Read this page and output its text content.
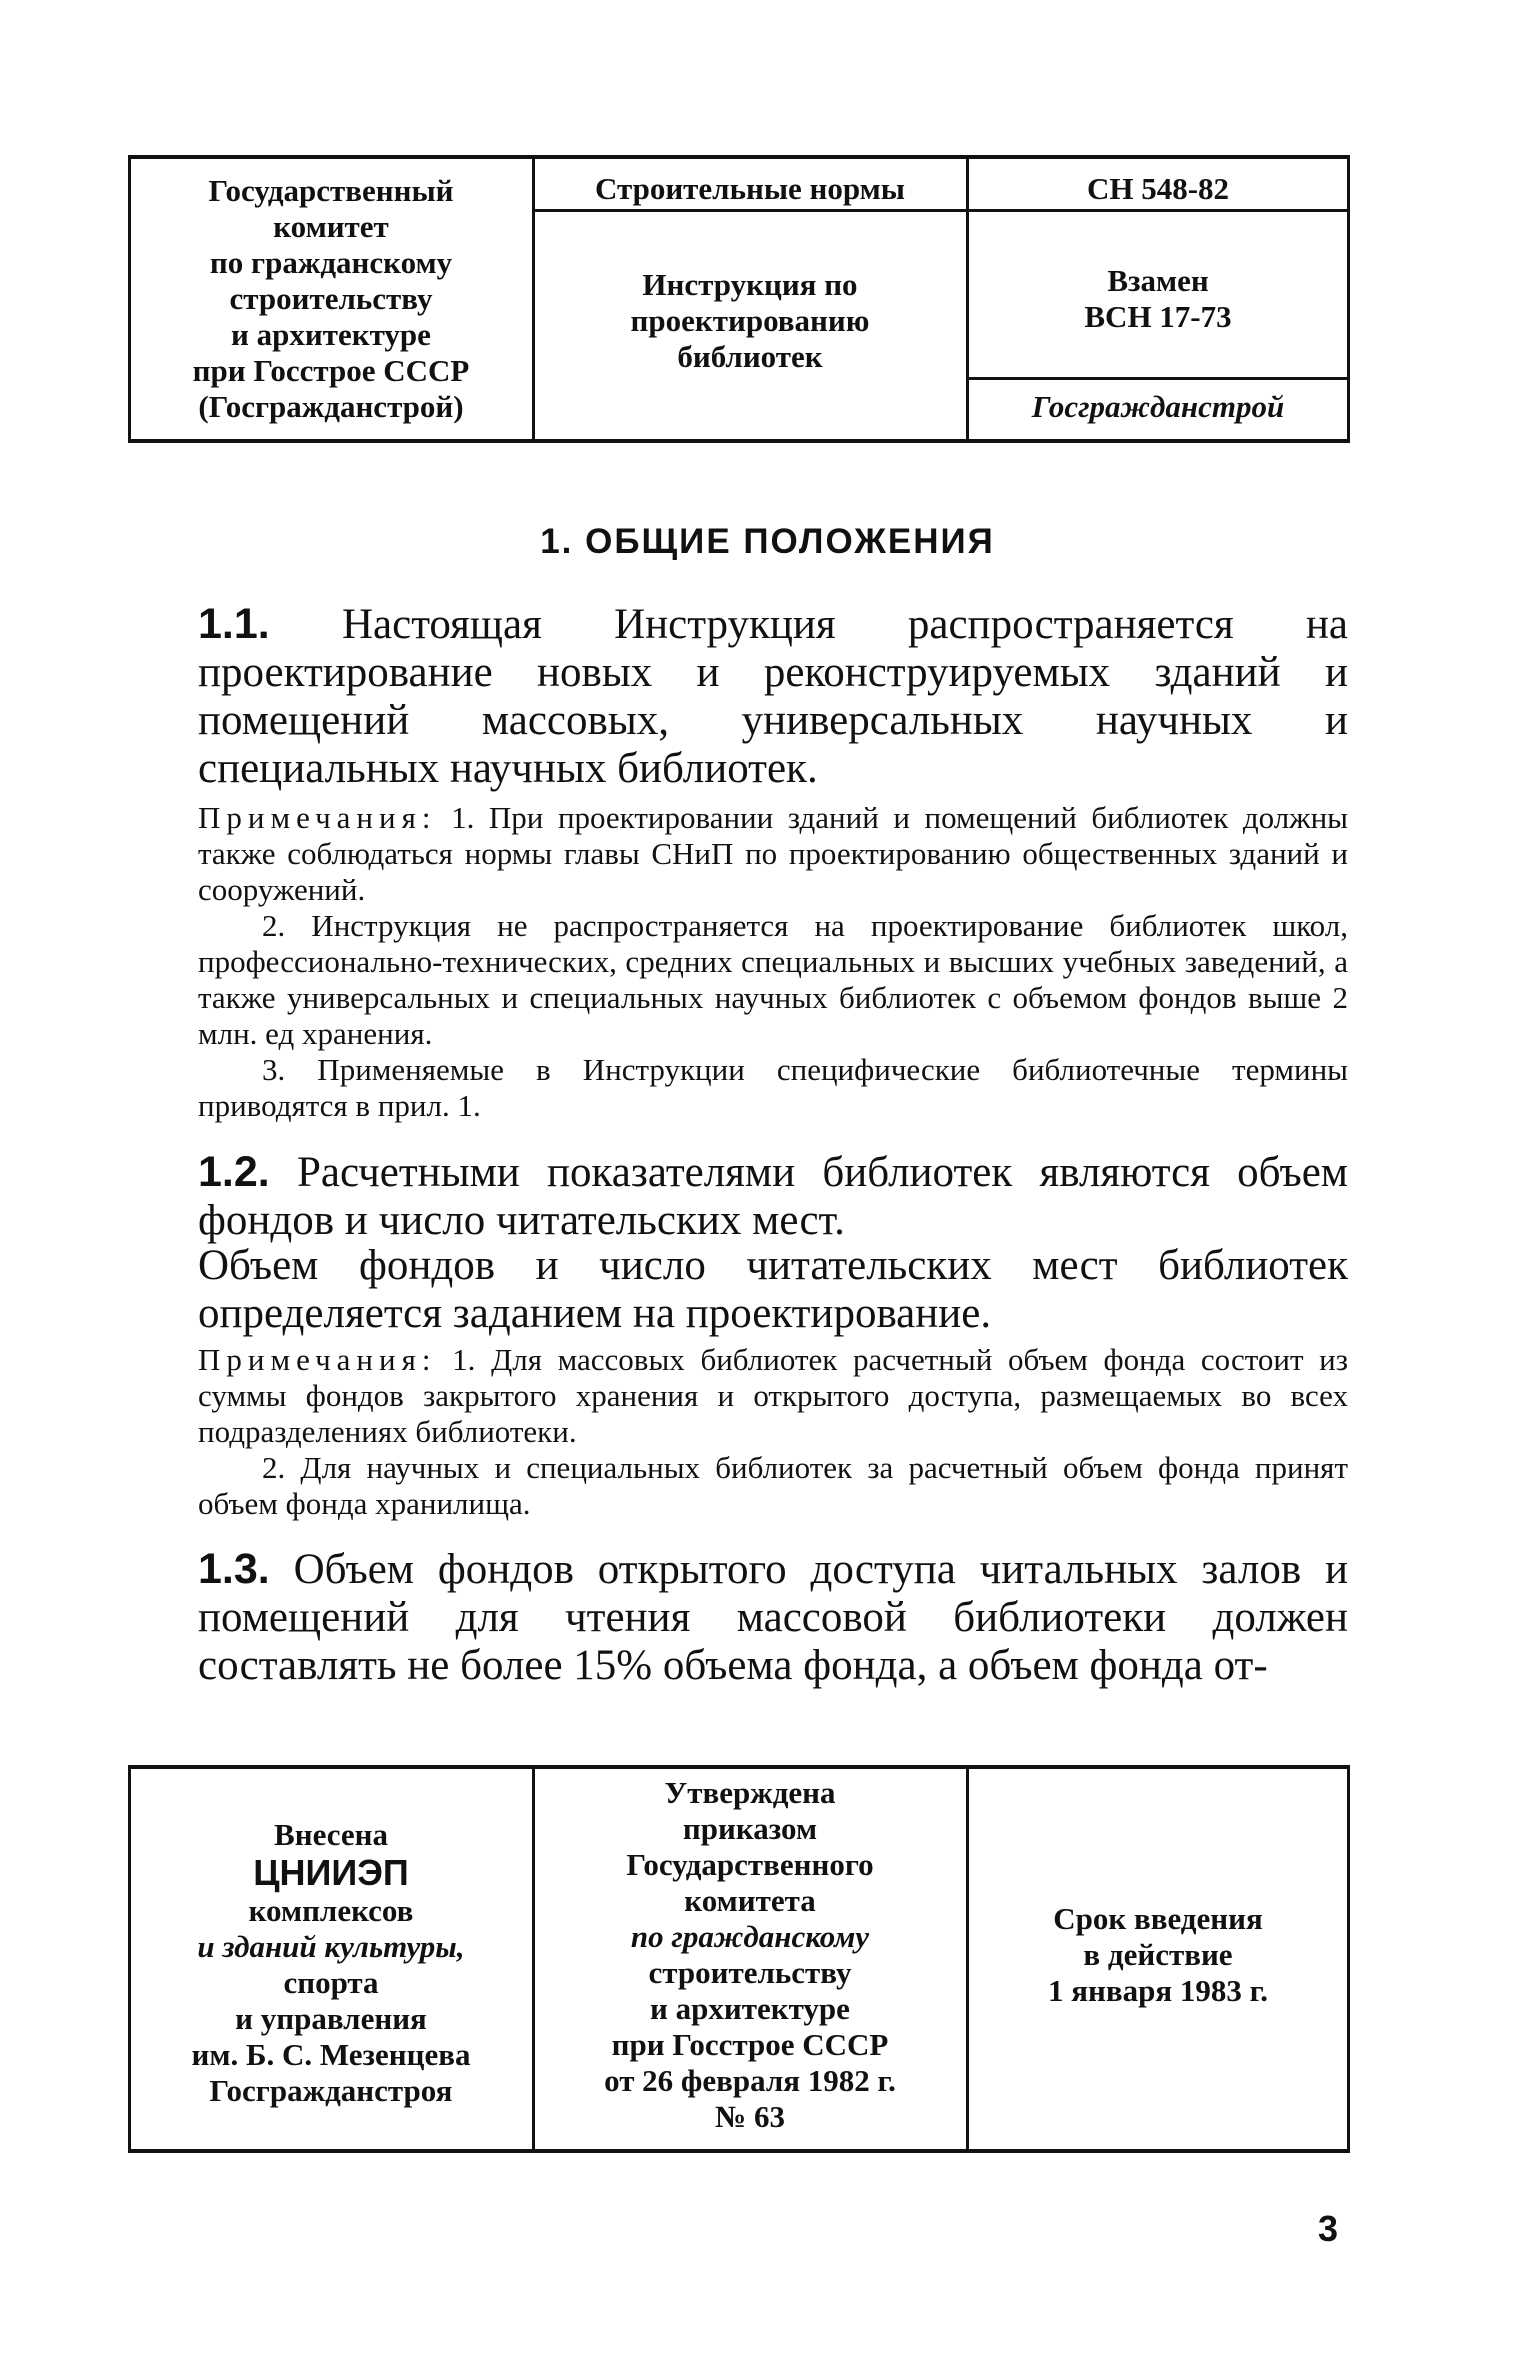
Государственный
комитет
по гражданскому
строительству
и архитектуре
при Госстрое СССР
(Госгражданстрой)
Строительные нормы
Инструкция по
проектированию
библиотек
СН 548-82
Взамен
ВСН 17-73
Госгражданстрой
1. ОБЩИЕ ПОЛОЖЕНИЯ
1.1. Настоящая Инструкция распространяется на проектирование новых и реконструируемых зданий и помещений массовых, универсальных научных и специальных научных библиотек.
Примечания: 1. При проектировании зданий и помещений библиотек должны также соблюдаться нормы главы СНиП по проектированию общественных зданий и сооружений.
2. Инструкция не распространяется на проектирование библиотек школ, профессионально-технических, средних специальных и высших учебных заведений, а также универсальных и специальных научных библиотек с объемом фондов выше 2 млн. ед хранения.
3. Применяемые в Инструкции специфические библиотечные термины приводятся в прил. 1.
1.2. Расчетными показателями библиотек являются объем фондов и число читательских мест.
Объем фондов и число читательских мест библиотек определяется заданием на проектирование.
Примечания: 1. Для массовых библиотек расчетный объем фонда состоит из суммы фондов закрытого хранения и открытого доступа, размещаемых во всех подразделениях библиотеки.
2. Для научных и специальных библиотек за расчетный объем фонда принят объем фонда хранилища.
1.3. Объем фондов открытого доступа читальных залов и помещений для чтения массовой библиотеки должен составлять не более 15% объема фонда, а объем фонда от-
Внесена
ЦНИИЭП
комплексов
и зданий культуры,
спорта
и управления
им. Б. С. Мезенцева
Госгражданстроя
Утверждена
приказом
Государственного
комитета
по гражданскому
строительству
и архитектуре
при Госстрое СССР
от 26 февраля 1982 г.
№ 63
Срок введения
в действие
1 января 1983 г.
3
